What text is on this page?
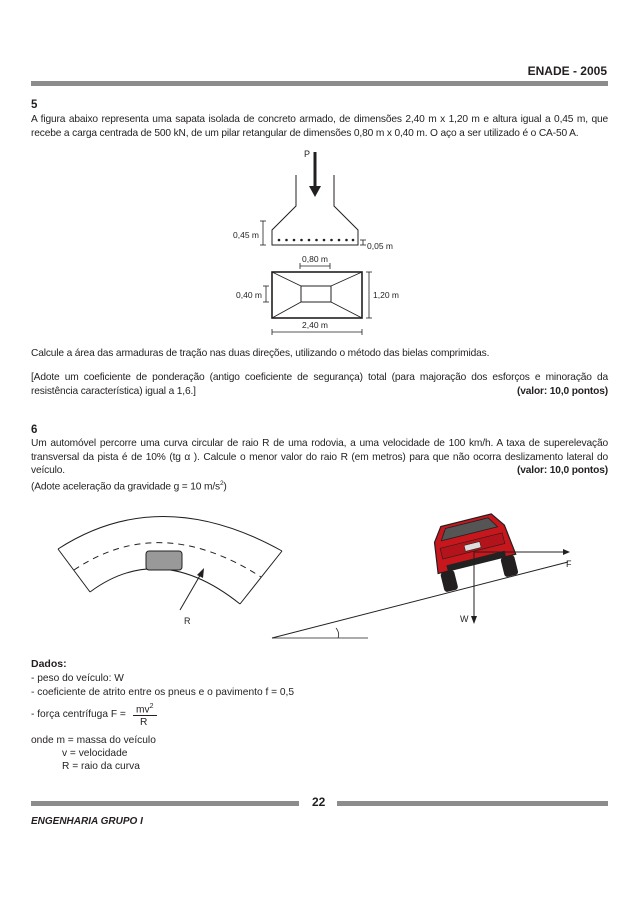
ENADE - 2005
5
A figura abaixo representa uma sapata isolada de concreto armado, de dimensões 2,40 m x 1,20 m e altura igual a 0,45 m, que recebe a carga centrada de 500 kN, de um pilar retangular de dimensões 0,80 m x 0,40 m. O aço a ser utilizado é o CA-50 A.
P
0,45 m
0,05 m
0,80 m
0,40 m	1,20 m
2,40 m
Calcule a área das armaduras de tração nas duas direções, utilizando o método das bielas comprimidas.
[Adote um coeficiente de ponderação (antigo coeficiente de segurança) total (para majoração dos esforços e minoração da resistência característica) igual a 1,6.]	(valor: 10,0 pontos)
6
Um automóvel percorre uma curva circular de raio R de uma rodovia, a uma velocidade de 100 km/h. A taxa de superelevação transversal da pista é de 10% (tg α ). Calcule o menor valor do raio R (em metros) para que não ocorra deslizamento lateral do veículo.	(valor: 10,0 pontos)
(Adote aceleração da gravidade g = 10 $m/s^2$)
R
F
W
Dados:
- peso do veículo: W
- coeficiente de atrito entre os pneus e o pavimento f = 0,5
- força centrífuga $F = mv^2$
R
onde m = massa do veículo
v = velocidade
R = raio da curva
22
ENGENHARIA GRUPO I
